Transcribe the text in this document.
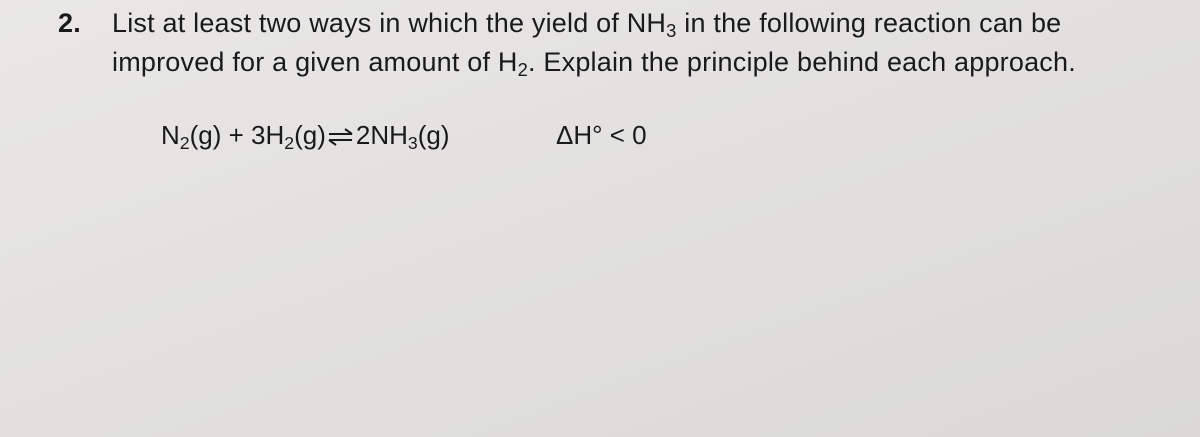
2. List at least two ways in which the yield of $NH_3$ in the following reaction can be
improved for a given amount of $H_2$. Explain the principle behind each approach.
$N_2(g) + 3H_2(g)$ ⇌ $2NH_3(g)$	ΔH° < 0
